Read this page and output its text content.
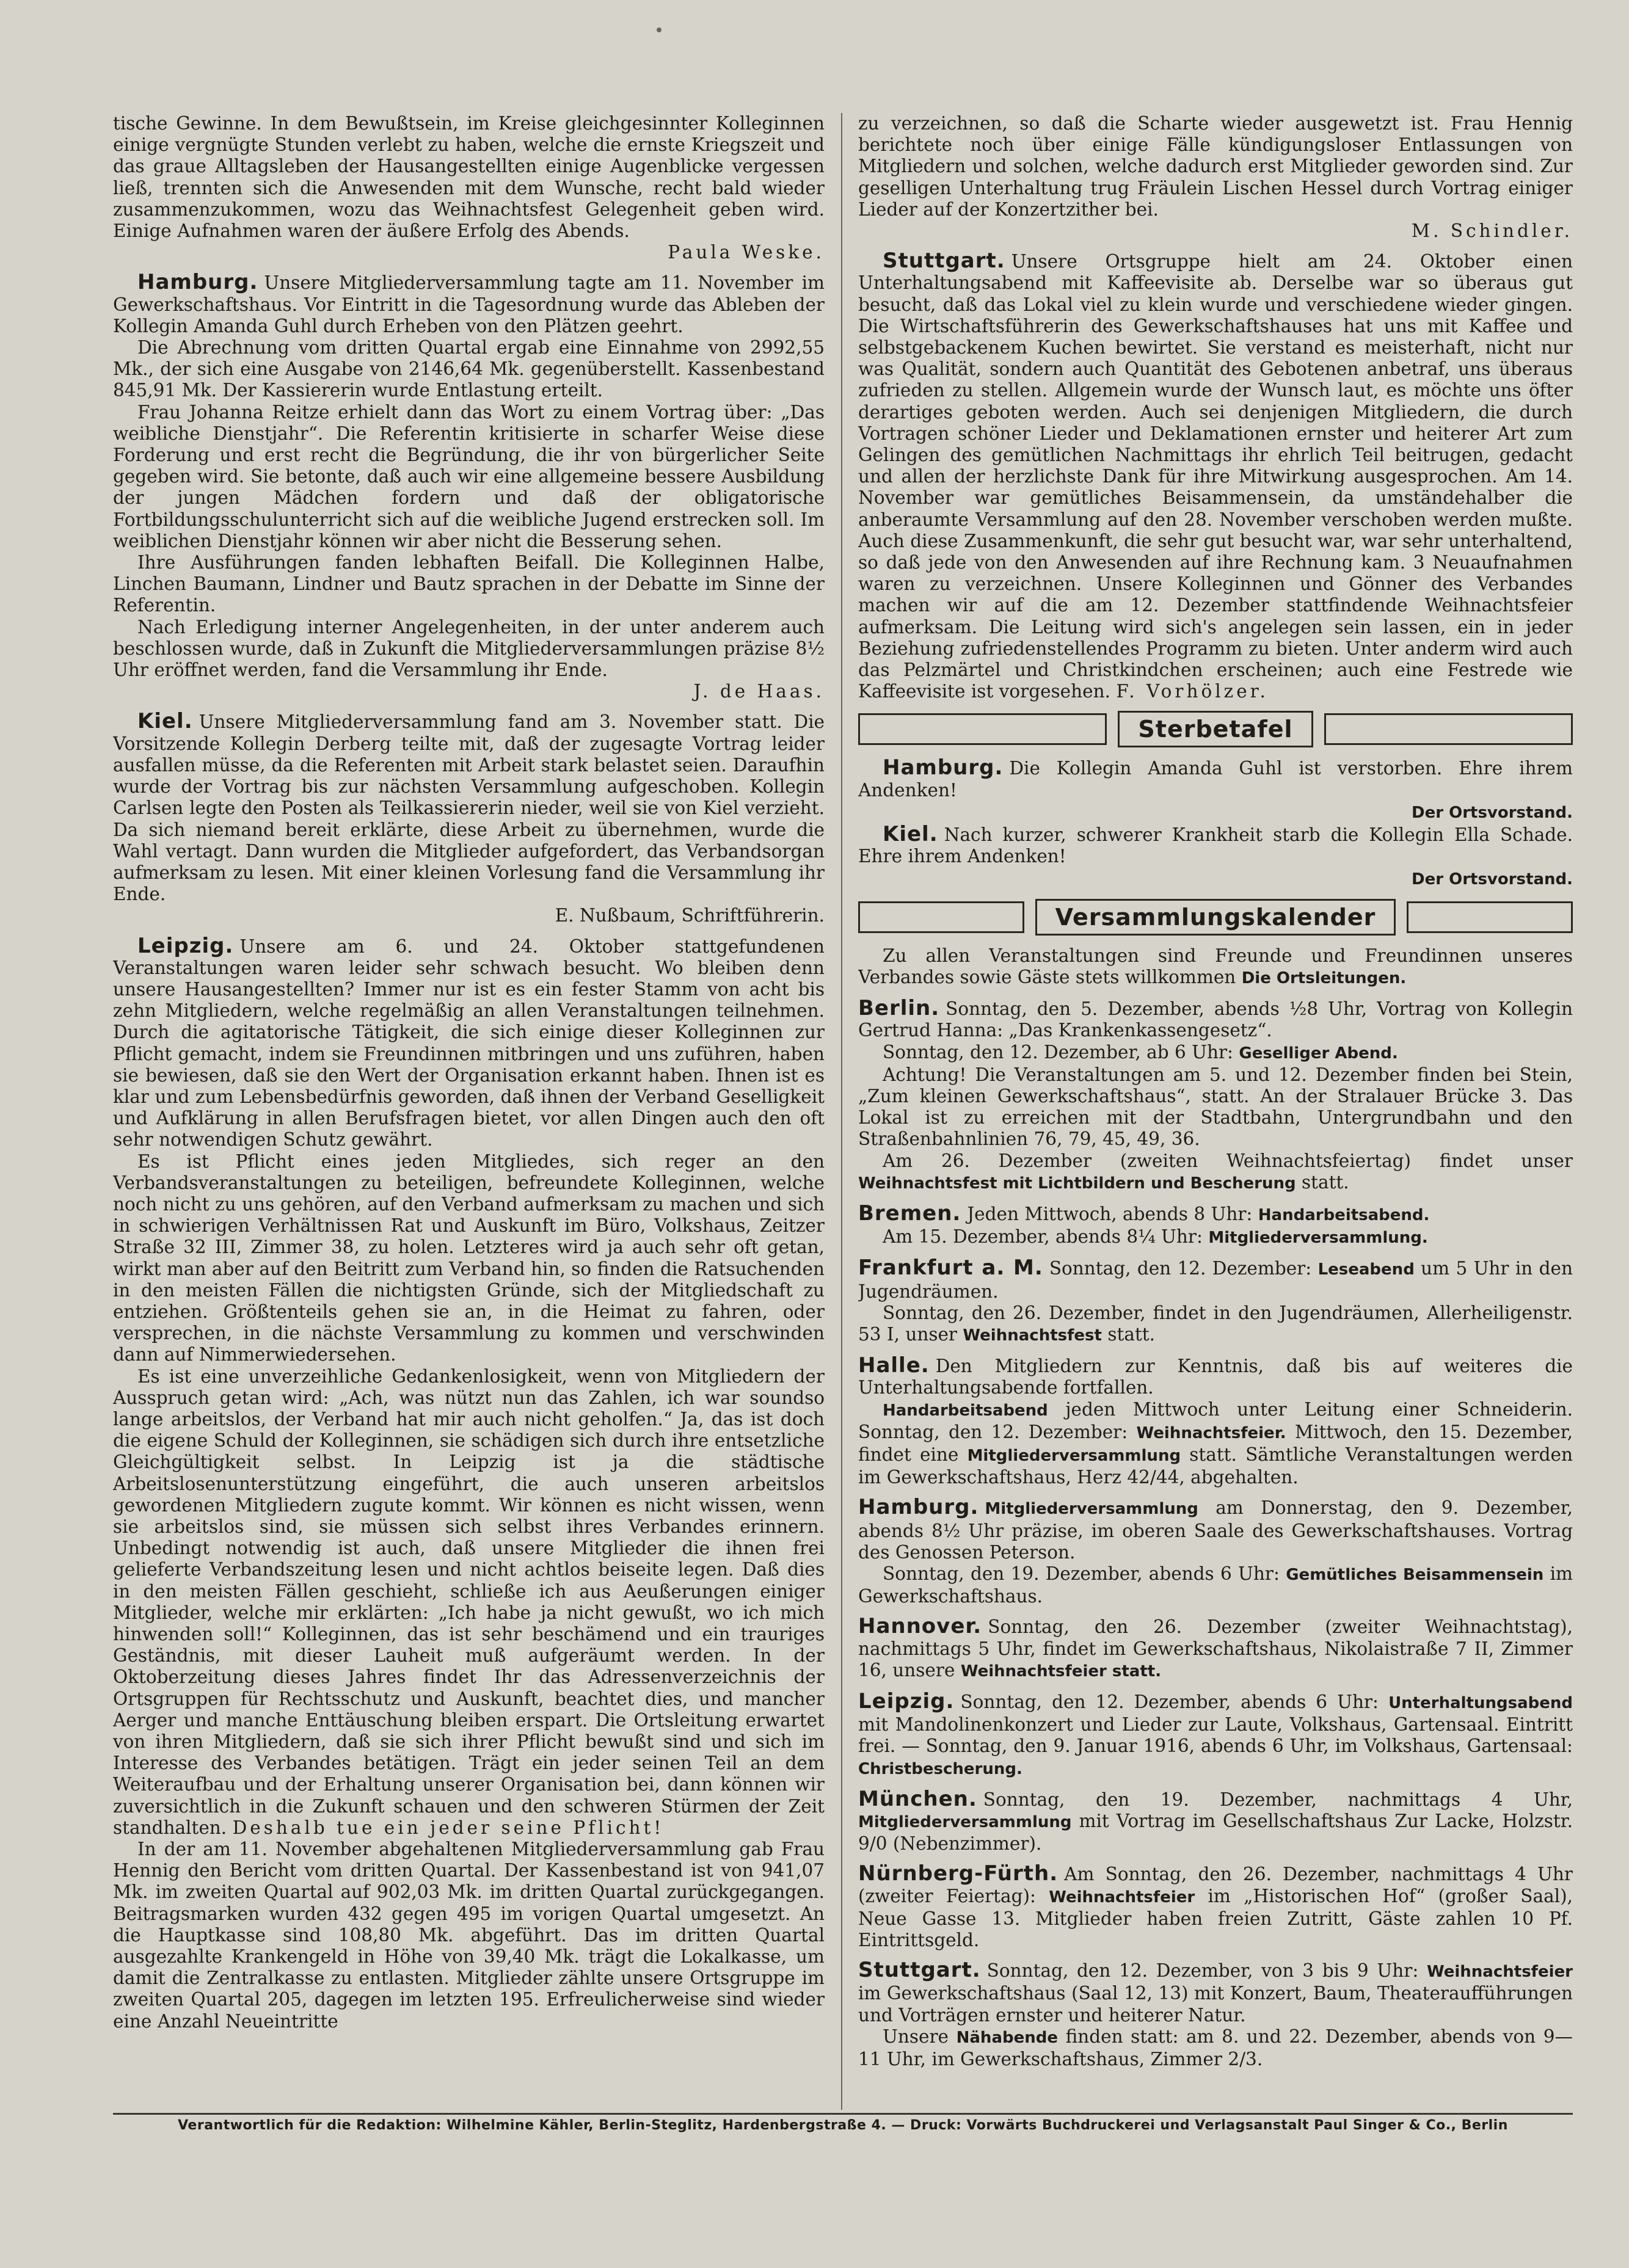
tische Gewinne. In dem Bewußtsein, im Kreise gleichgesinnter Kolleginnen einige vergnügte Stunden verlebt zu haben, welche die ernste Kriegszeit und das graue Alltagsleben der Hausangestellten einige Augenblicke vergessen ließ, trennten sich die Anwesenden mit dem Wunsche, recht bald wieder zusammenzukommen, wozu das Weihnachtsfest Gelegenheit geben wird. Einige Aufnahmen waren der äußere Erfolg des Abends.

Paula Weske.

Hamburg. Unsere Mitgliederversammlung tagte am 11. November im Gewerkschaftshaus. Vor Eintritt in die Tagesordnung wurde das Ableben der Kollegin Amanda Guhl durch Erheben von den Plätzen geehrt.

Die Abrechnung vom dritten Quartal ergab eine Einnahme von 2992,55 Mk., der sich eine Ausgabe von 2146,64 Mk. gegenüberstellt. Kassenbestand 845,91 Mk. Der Kassiererin wurde Entlastung erteilt.

Frau Johanna Reitze erhielt dann das Wort zu einem Vortrag über: „Das weibliche Dienstjahr“. Die Referentin kritisierte in scharfer Weise diese Forderung und erst recht die Begründung, die ihr von bürgerlicher Seite gegeben wird. Sie betonte, daß auch wir eine allgemeine bessere Ausbildung der jungen Mädchen fordern und daß der obligatorische Fortbildungsschulunterricht sich auf die weibliche Jugend erstrecken soll. Im weiblichen Dienstjahr können wir aber nicht die Besserung sehen.

Ihre Ausführungen fanden lebhaften Beifall. Die Kolleginnen Halbe, Linchen Baumann, Lindner und Bautz sprachen in der Debatte im Sinne der Referentin.

Nach Erledigung interner Angelegenheiten, in der unter anderem auch beschlossen wurde, daß in Zukunft die Mitgliederversammlungen präzise 8½ Uhr eröffnet werden, fand die Versammlung ihr Ende.

J. de Haas.

Kiel. Unsere Mitgliederversammlung fand am 3. November statt. Die Vorsitzende Kollegin Derberg teilte mit, daß der zugesagte Vortrag leider ausfallen müsse, da die Referenten mit Arbeit stark belastet seien. Daraufhin wurde der Vortrag bis zur nächsten Versammlung aufgeschoben. Kollegin Carlsen legte den Posten als Teilkassiererin nieder, weil sie von Kiel verzieht. Da sich niemand bereit erklärte, diese Arbeit zu übernehmen, wurde die Wahl vertagt. Dann wurden die Mitglieder aufgefordert, das Verbandsorgan aufmerksam zu lesen. Mit einer kleinen Vorlesung fand die Versammlung ihr Ende.

E. Nußbaum, Schriftführerin.

Leipzig. Unsere am 6. und 24. Oktober stattgefundenen Veranstaltungen waren leider sehr schwach besucht. Wo bleiben denn unsere Hausangestellten? Immer nur ist es ein fester Stamm von acht bis zehn Mitgliedern, welche regelmäßig an allen Veranstaltungen teilnehmen. Durch die agitatorische Tätigkeit, die sich einige dieser Kolleginnen zur Pflicht gemacht, indem sie Freundinnen mitbringen und uns zuführen, haben sie bewiesen, daß sie den Wert der Organisation erkannt haben. Ihnen ist es klar und zum Lebensbedürfnis geworden, daß ihnen der Verband Geselligkeit und Aufklärung in allen Berufsfragen bietet, vor allen Dingen auch den oft sehr notwendigen Schutz gewährt.

Es ist Pflicht eines jeden Mitgliedes, sich reger an den Verbandsveranstaltungen zu beteiligen, befreundete Kolleginnen, welche noch nicht zu uns gehören, auf den Verband aufmerksam zu machen und sich in schwierigen Verhältnissen Rat und Auskunft im Büro, Volkshaus, Zeitzer Straße 32 III, Zimmer 38, zu holen. Letzteres wird ja auch sehr oft getan, wirkt man aber auf den Beitritt zum Verband hin, so finden die Ratsuchenden in den meisten Fällen die nichtigsten Gründe, sich der Mitgliedschaft zu entziehen. Größtenteils gehen sie an, in die Heimat zu fahren, oder versprechen, in die nächste Versammlung zu kommen und verschwinden dann auf Nimmerwiedersehen.

Es ist eine unverzeihliche Gedankenlosigkeit, wenn von Mitgliedern der Ausspruch getan wird: „Ach, was nützt nun das Zahlen, ich war soundso lange arbeitslos, der Verband hat mir auch nicht geholfen.“ Ja, das ist doch die eigene Schuld der Kolleginnen, sie schädigen sich durch ihre entsetzliche Gleichgültigkeit selbst. In Leipzig ist ja die städtische Arbeitslosenunterstützung eingeführt, die auch unseren arbeitslos gewordenen Mitgliedern zugute kommt. Wir können es nicht wissen, wenn sie arbeitslos sind, sie müssen sich selbst ihres Verbandes erinnern. Unbedingt notwendig ist auch, daß unsere Mitglieder die ihnen frei gelieferte Verbandszeitung lesen und nicht achtlos beiseite legen. Daß dies in den meisten Fällen geschieht, schließe ich aus Aeußerungen einiger Mitglieder, welche mir erklärten: „Ich habe ja nicht gewußt, wo ich mich hinwenden soll!“ Kolleginnen, das ist sehr beschämend und ein trauriges Geständnis, mit dieser Lauheit muß aufgeräumt werden. In der Oktoberzeitung dieses Jahres findet Ihr das Adressenverzeichnis der Ortsgruppen für Rechtsschutz und Auskunft, beachtet dies, und mancher Aerger und manche Enttäuschung bleiben erspart. Die Ortsleitung erwartet von ihren Mitgliedern, daß sie sich ihrer Pflicht bewußt sind und sich im Interesse des Verbandes betätigen. Trägt ein jeder seinen Teil an dem Weiteraufbau und der Erhaltung unserer Organisation bei, dann können wir zuversichtlich in die Zukunft schauen und den schweren Stürmen der Zeit standhalten. Deshalb tue ein jeder seine Pflicht!

In der am 11. November abgehaltenen Mitgliederversammlung gab Frau Hennig den Bericht vom dritten Quartal. Der Kassenbestand ist von 941,07 Mk. im zweiten Quartal auf 902,03 Mk. im dritten Quartal zurückgegangen. Beitragsmarken wurden 432 gegen 495 im vorigen Quartal umgesetzt. An die Hauptkasse sind 108,80 Mk. abgeführt. Das im dritten Quartal ausgezahlte Krankengeld in Höhe von 39,40 Mk. trägt die Lokalkasse, um damit die Zentralkasse zu entlasten. Mitglieder zählte unsere Ortsgruppe im zweiten Quartal 205, dagegen im letzten 195. Erfreulicherweise sind wieder eine Anzahl Neueintritte

zu verzeichnen, so daß die Scharte wieder ausgewetzt ist. Frau Hennig berichtete noch über einige Fälle kündigungsloser Entlassungen von Mitgliedern und solchen, welche dadurch erst Mitglieder geworden sind. Zur geselligen Unterhaltung trug Fräulein Lischen Hessel durch Vortrag einiger Lieder auf der Konzertzither bei.

M. Schindler.

Stuttgart. Unsere Ortsgruppe hielt am 24. Oktober einen Unterhaltungsabend mit Kaffeevisite ab. Derselbe war so überaus gut besucht, daß das Lokal viel zu klein wurde und verschiedene wieder gingen. Die Wirtschaftsführerin des Gewerkschaftshauses hat uns mit Kaffee und selbstgebackenem Kuchen bewirtet. Sie verstand es meisterhaft, nicht nur was Qualität, sondern auch Quantität des Gebotenen anbetraf, uns überaus zufrieden zu stellen. Allgemein wurde der Wunsch laut, es möchte uns öfter derartiges geboten werden. Auch sei denjenigen Mitgliedern, die durch Vortragen schöner Lieder und Deklamationen ernster und heiterer Art zum Gelingen des gemütlichen Nachmittags ihr ehrlich Teil beitrugen, gedacht und allen der herzlichste Dank für ihre Mitwirkung ausgesprochen. Am 14. November war gemütliches Beisammensein, da umständehalber die anberaumte Versammlung auf den 28. November verschoben werden mußte. Auch diese Zusammenkunft, die sehr gut besucht war, war sehr unterhaltend, so daß jede von den Anwesenden auf ihre Rechnung kam. 3 Neuaufnahmen waren zu verzeichnen. Unsere Kolleginnen und Gönner des Verbandes machen wir auf die am 12. Dezember stattfindende Weihnachtsfeier aufmerksam. Die Leitung wird sich's angelegen sein lassen, ein in jeder Beziehung zufriedenstellendes Programm zu bieten. Unter anderm wird auch das Pelzmärtel und Christkindchen erscheinen; auch eine Festrede wie Kaffeevisite ist vorgesehen. F. Vorhölzer.

Sterbetafel

Hamburg. Die Kollegin Amanda Guhl ist verstorben. Ehre ihrem Andenken!

Der Ortsvorstand.

Kiel. Nach kurzer, schwerer Krankheit starb die Kollegin Ella Schade. Ehre ihrem Andenken!

Der Ortsvorstand.

Versammlungskalender

Zu allen Veranstaltungen sind Freunde und Freundinnen unseres Verbandes sowie Gäste stets willkommen Die Ortsleitungen.

Berlin. Sonntag, den 5. Dezember, abends ½8 Uhr, Vortrag von Kollegin Gertrud Hanna: „Das Krankenkassengesetz“.

Sonntag, den 12. Dezember, ab 6 Uhr: Geselliger Abend.

Achtung! Die Veranstaltungen am 5. und 12. Dezember finden bei Stein, „Zum kleinen Gewerkschaftshaus“, statt. An der Stralauer Brücke 3. Das Lokal ist zu erreichen mit der Stadtbahn, Untergrundbahn und den Straßenbahnlinien 76, 79, 45, 49, 36.

Am 26. Dezember (zweiten Weihnachtsfeiertag) findet unser Weihnachtsfest mit Lichtbildern und Bescherung statt.

Bremen. Jeden Mittwoch, abends 8 Uhr: Handarbeitsabend.

Am 15. Dezember, abends 8¼ Uhr: Mitgliederversammlung.

Frankfurt a. M. Sonntag, den 12. Dezember: Leseabend um 5 Uhr in den Jugendräumen.

Sonntag, den 26. Dezember, findet in den Jugendräumen, Allerheiligenstr. 53 I, unser Weihnachtsfest statt.

Halle. Den Mitgliedern zur Kenntnis, daß bis auf weiteres die Unterhaltungsabende fortfallen.

Handarbeitsabend jeden Mittwoch unter Leitung einer Schneiderin. Sonntag, den 12. Dezember: Weihnachtsfeier. Mittwoch, den 15. Dezember, findet eine Mitgliederversammlung statt. Sämtliche Veranstaltungen werden im Gewerkschaftshaus, Herz 42/44, abgehalten.

Hamburg. Mitgliederversammlung am Donnerstag, den 9. Dezember, abends 8½ Uhr präzise, im oberen Saale des Gewerkschaftshauses. Vortrag des Genossen Peterson.

Sonntag, den 19. Dezember, abends 6 Uhr: Gemütliches Beisammensein im Gewerkschaftshaus.

Hannover. Sonntag, den 26. Dezember (zweiter Weihnachtstag), nachmittags 5 Uhr, findet im Gewerkschaftshaus, Nikolaistraße 7 II, Zimmer 16, unsere Weihnachtsfeier statt.

Leipzig. Sonntag, den 12. Dezember, abends 6 Uhr: Unterhaltungsabend mit Mandolinenkonzert und Lieder zur Laute, Volkshaus, Gartensaal. Eintritt frei. — Sonntag, den 9. Januar 1916, abends 6 Uhr, im Volkshaus, Gartensaal: Christbescherung.

München. Sonntag, den 19. Dezember, nachmittags 4 Uhr, Mitgliederversammlung mit Vortrag im Gesellschaftshaus Zur Lacke, Holzstr. 9/0 (Nebenzimmer).

Nürnberg-Fürth. Am Sonntag, den 26. Dezember, nachmittags 4 Uhr (zweiter Feiertag): Weihnachtsfeier im „Historischen Hof“ (großer Saal), Neue Gasse 13. Mitglieder haben freien Zutritt, Gäste zahlen 10 Pf. Eintrittsgeld.

Stuttgart. Sonntag, den 12. Dezember, von 3 bis 9 Uhr: Weihnachtsfeier im Gewerkschaftshaus (Saal 12, 13) mit Konzert, Baum, Theateraufführungen und Vorträgen ernster und heiterer Natur.

Unsere Nähabende finden statt: am 8. und 22. Dezember, abends von 9—11 Uhr, im Gewerkschaftshaus, Zimmer 2/3.

Verantwortlich für die Redaktion: Wilhelmine Kähler, Berlin-Steglitz, Hardenbergstraße 4. — Druck: Vorwärts Buchdruckerei und Verlagsanstalt Paul Singer & Co., Berlin
